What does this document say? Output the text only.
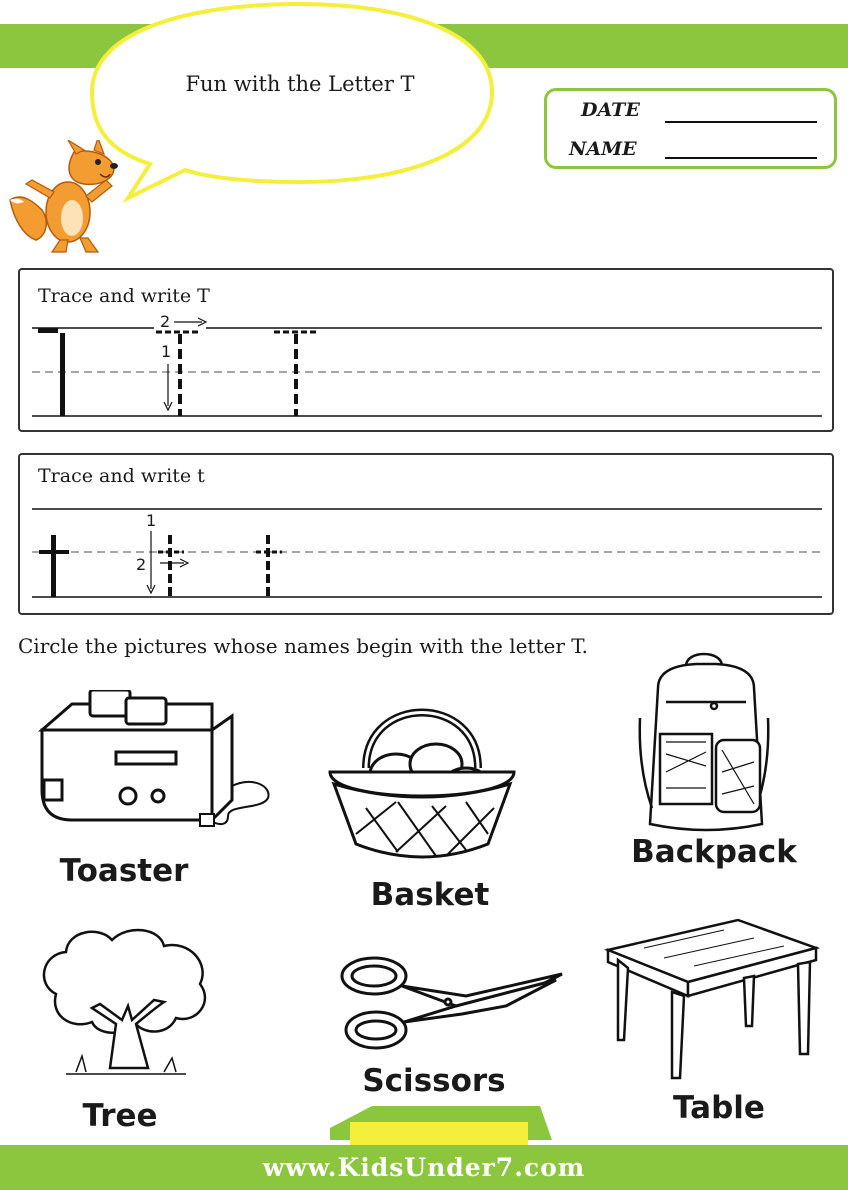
Fun with the Letter T
DATE
NAME
Trace and write T
2
1
Trace and write t
1
2
Circle the pictures whose names begin with the letter T.
Toaster
Basket
Backpack
Tree
Scissors
Table
www.KidsUnder7.com
